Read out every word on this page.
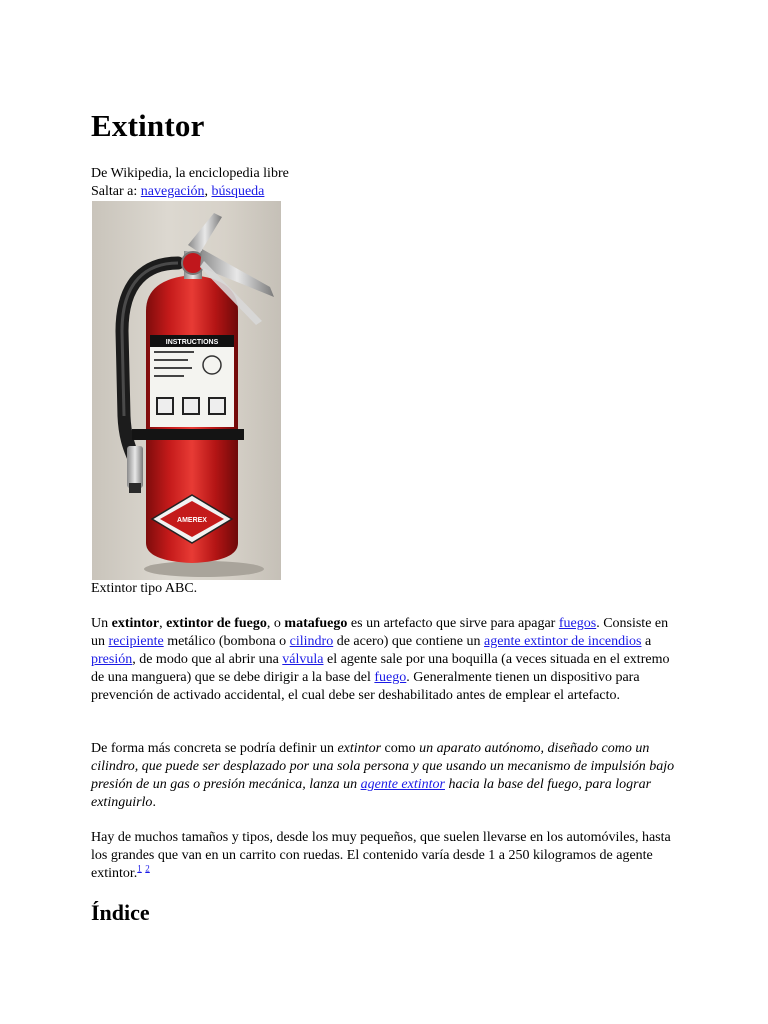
Extintor
De Wikipedia, la enciclopedia libre
Saltar a: navegación, búsqueda
INSTRUCTIONS
AMEREX
Extintor tipo ABC.

Un extintor, extintor de fuego, o matafuego es un artefacto que sirve para apagar fuegos. Consiste en un recipiente metálico (bombona o cilindro de acero) que contiene un agente extintor de incendios a presión, de modo que al abrir una válvula el agente sale por una boquilla (a veces situada en el extremo de una manguera) que se debe dirigir a la base del fuego. Generalmente tienen un dispositivo para prevención de activado accidental, el cual debe ser deshabilitado antes de emplear el artefacto.

De forma más concreta se podría definir un extintor como un aparato autónomo, diseñado como un cilindro, que puede ser desplazado por una sola persona y que usando un mecanismo de impulsión bajo presión de un gas o presión mecánica, lanza un agente extintor hacia la base del fuego, para lograr extinguirlo.

Hay de muchos tamaños y tipos, desde los muy pequeños, que suelen llevarse en los automóviles, hasta los grandes que van en un carrito con ruedas. El contenido varía desde 1 a 250 kilogramos de agente extintor.$^1$ $^2$

Índice
